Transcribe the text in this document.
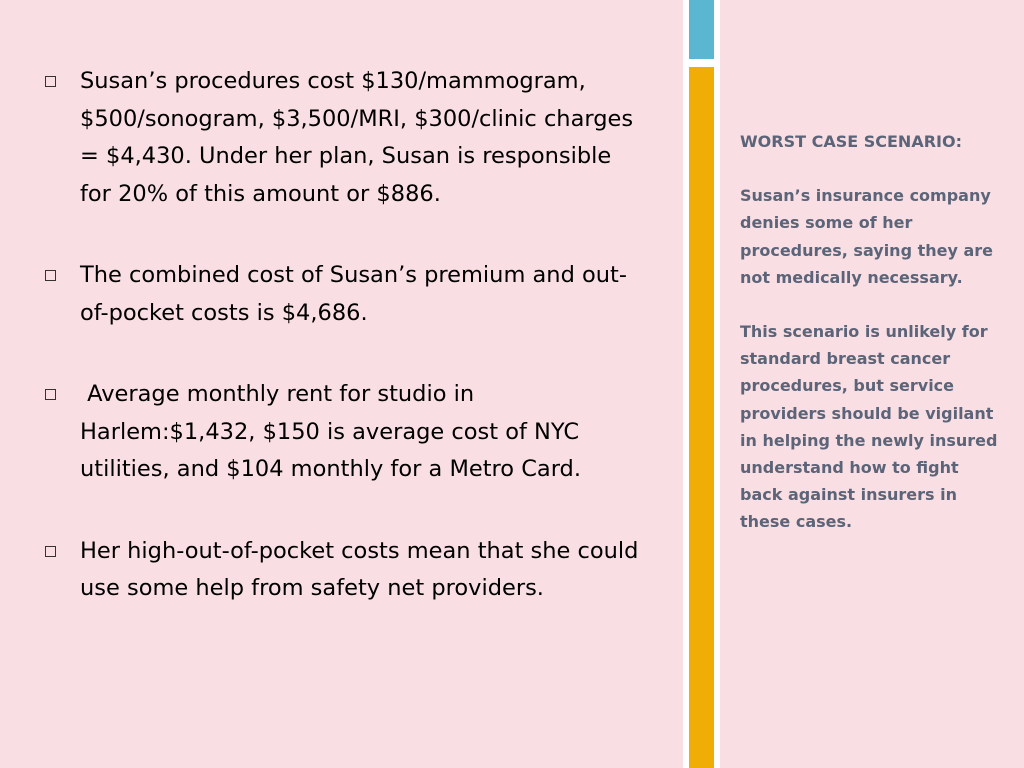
Susan’s procedures cost $130/mammogram, $500/sonogram, $3,500/MRI, $300/clinic charges = $4,430. Under her plan, Susan is responsible for 20% of this amount or $886.
The combined cost of Susan’s premium and out-of-pocket costs is $4,686.
Average monthly rent for studio in Harlem:$1,432, $150 is average cost of NYC utilities, and $104 monthly for a Metro Card.
Her high-out-of-pocket costs mean that she could use some help from safety net providers.

WORST CASE SCENARIO:

Susan’s insurance company denies some of her procedures, saying they are not medically necessary.

This scenario is unlikely for standard breast cancer procedures, but service providers should be vigilant in helping the newly insured understand how to fight back against insurers in these cases.
